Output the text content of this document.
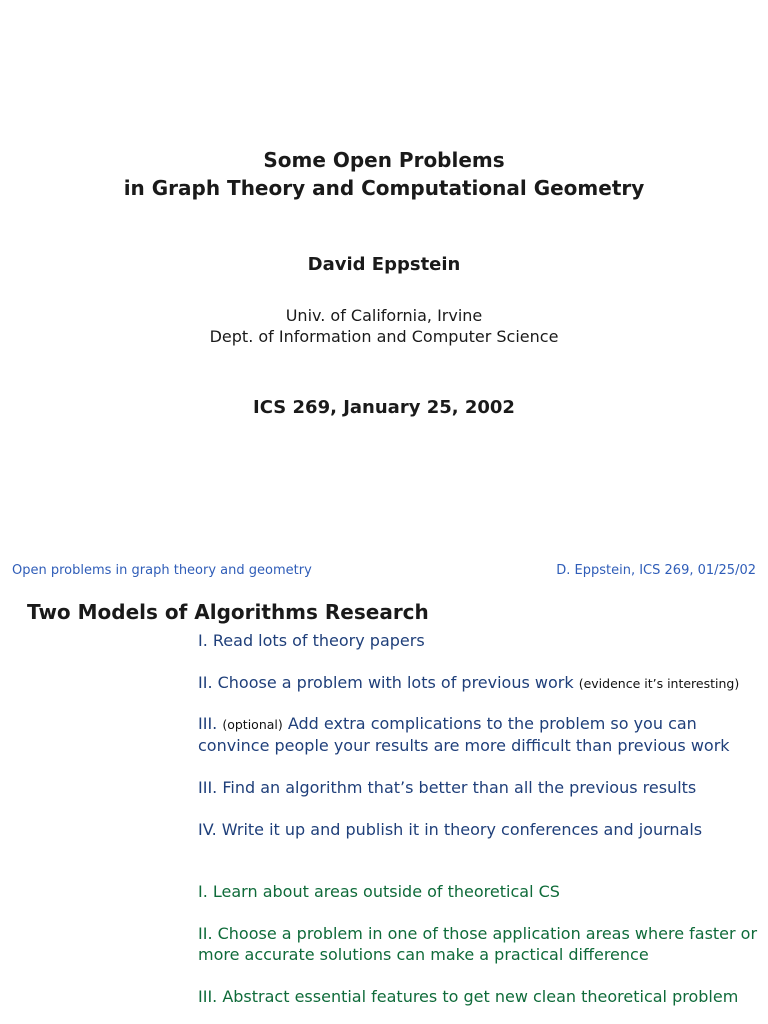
Some Open Problems
in Graph Theory and Computational Geometry
David Eppstein
Univ. of California, Irvine
Dept. of Information and Computer Science
ICS 269, January 25, 2002
Open problems in graph theory and geometry	D. Eppstein, ICS 269, 01/25/02
Two Models of Algorithms Research
I. Read lots of theory papers
II. Choose a problem with lots of previous work (evidence it’s interesting)
III. (optional) Add extra complications to the problem so you can convince people your results are more difficult than previous work
III. Find an algorithm that’s better than all the previous results
IV. Write it up and publish it in theory conferences and journals
I. Learn about areas outside of theoretical CS
II. Choose a problem in one of those application areas where faster or more accurate solutions can make a practical difference
III. Abstract essential features to get new clean theoretical problem
